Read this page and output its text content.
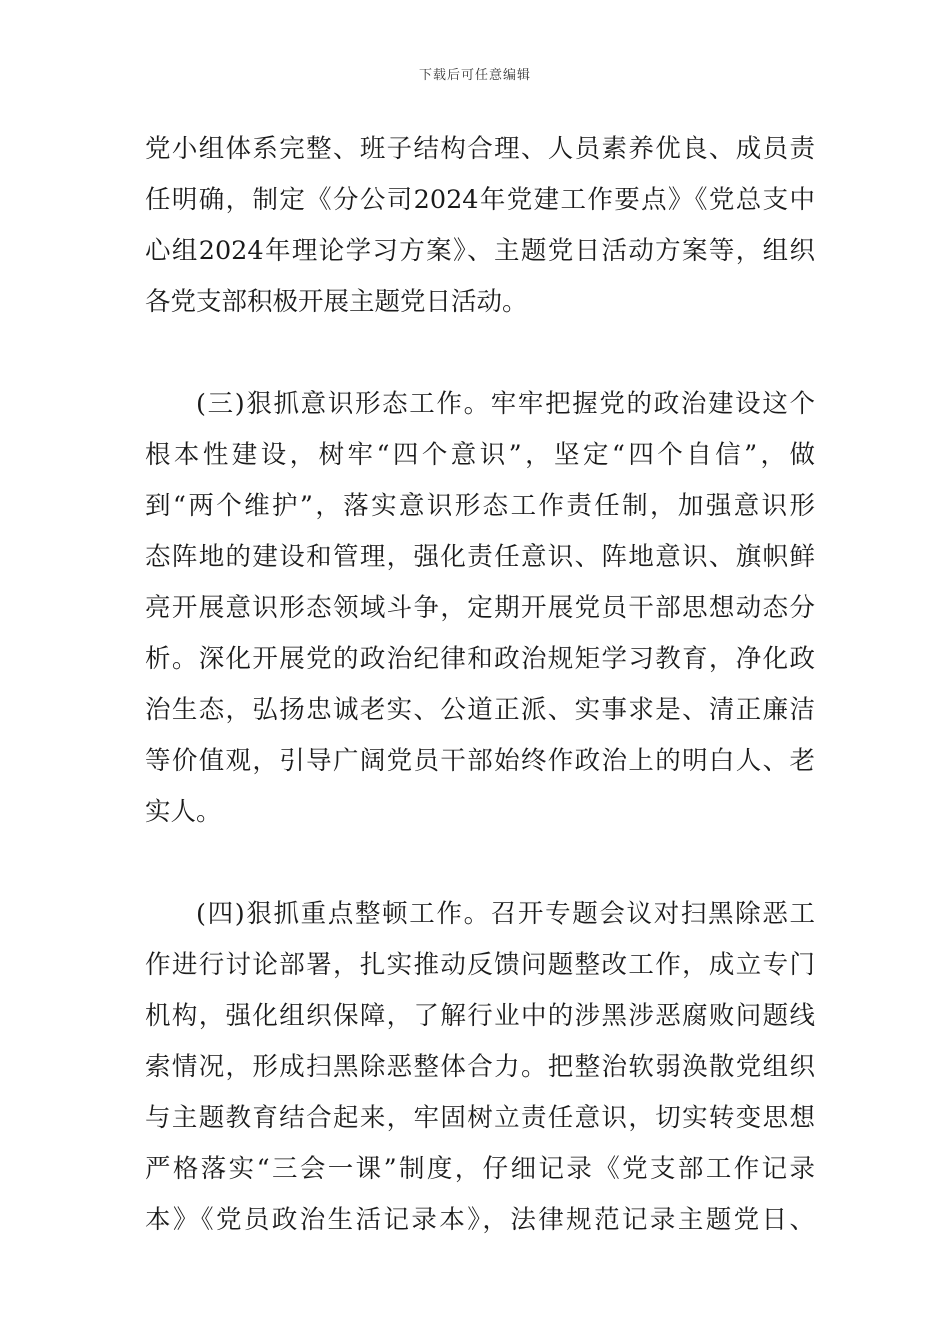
下载后可任意编辑
党小组体系完整、班子结构合理、人员素养优良、成员责
任明确，制定《分公司2024年党建工作要点》《党总支中
心组2024年理论学习方案》、主题党日活动方案等，组织
各党支部积极开展主题党日活动。
(三)狠抓意识形态工作。牢牢把握党的政治建设这个
根本性建设，树牢“四个意识”，坚定“四个自信”，做
到“两个维护”，落实意识形态工作责任制，加强意识形
态阵地的建设和管理，强化责任意识、阵地意识、旗帜鲜
亮开展意识形态领域斗争，定期开展党员干部思想动态分
析。深化开展党的政治纪律和政治规矩学习教育，净化政
治生态，弘扬忠诚老实、公道正派、实事求是、清正廉洁
等价值观，引导广阔党员干部始终作政治上的明白人、老
实人。
(四)狠抓重点整顿工作。召开专题会议对扫黑除恶工
作进行讨论部署，扎实推动反馈问题整改工作，成立专门
机构，强化组织保障，了解行业中的涉黑涉恶腐败问题线
索情况，形成扫黑除恶整体合力。把整治软弱涣散党组织
与主题教育结合起来，牢固树立责任意识，切实转变思想
严格落实“三会一课”制度，仔细记录《党支部工作记录
本》《党员政治生活记录本》，法律规范记录主题党日、
